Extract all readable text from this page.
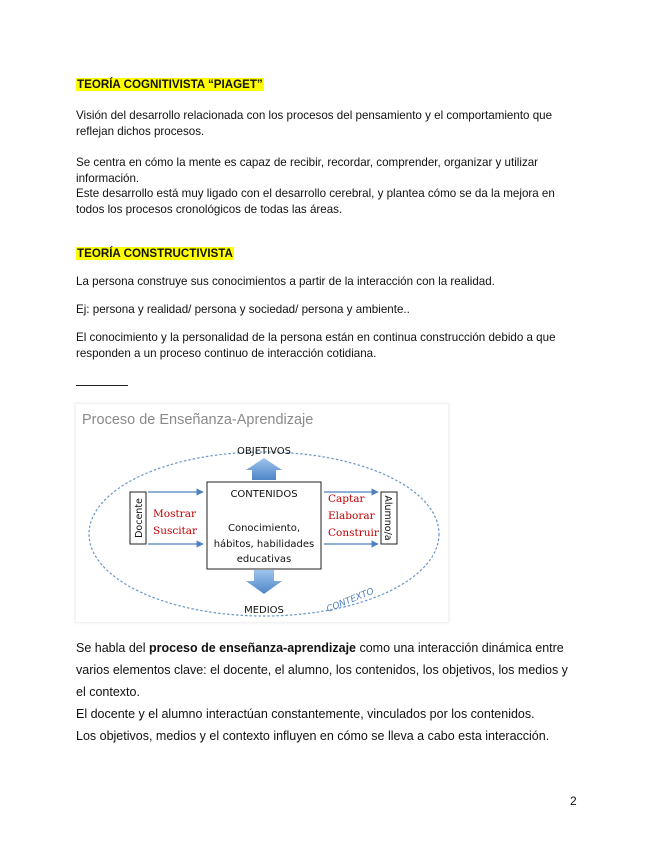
TEORÍA COGNITIVISTA “PIAGET”

Visión del desarrollo relacionada con los procesos del pensamiento y el comportamiento que reflejan dichos procesos.

Se centra en cómo la mente es capaz de recibir, recordar, comprender, organizar y utilizar información.

Este desarrollo está muy ligado con el desarrollo cerebral, y plantea cómo se da la mejora en todos los procesos cronológicos de todas las áreas.

TEORÍA CONSTRUCTIVISTA

La persona construye sus conocimientos a partir de la interacción con la realidad.

Ej: persona y realidad/ persona y sociedad/ persona y ambiente..

El conocimiento y la personalidad de la persona están en continua construcción debido a que responden a un proceso continuo de interacción cotidiana.

Proceso de Enseñanza-Aprendizaje
OBJETIVOS
CONTENIDOS
Conocimiento,
hábitos, habilidades
educativas
MEDIOS	CONTEXTO
Docente	Alumno/a
Mostrar
Suscitar
Captar
Elaborar
Construir

Se habla del proceso de enseñanza-aprendizaje como una interacción dinámica entre varios elementos clave: el docente, el alumno, los contenidos, los objetivos, los medios y el contexto.

El docente y el alumno interactúan constantemente, vinculados por los contenidos.

Los objetivos, medios y el contexto influyen en cómo se lleva a cabo esta interacción.

2
